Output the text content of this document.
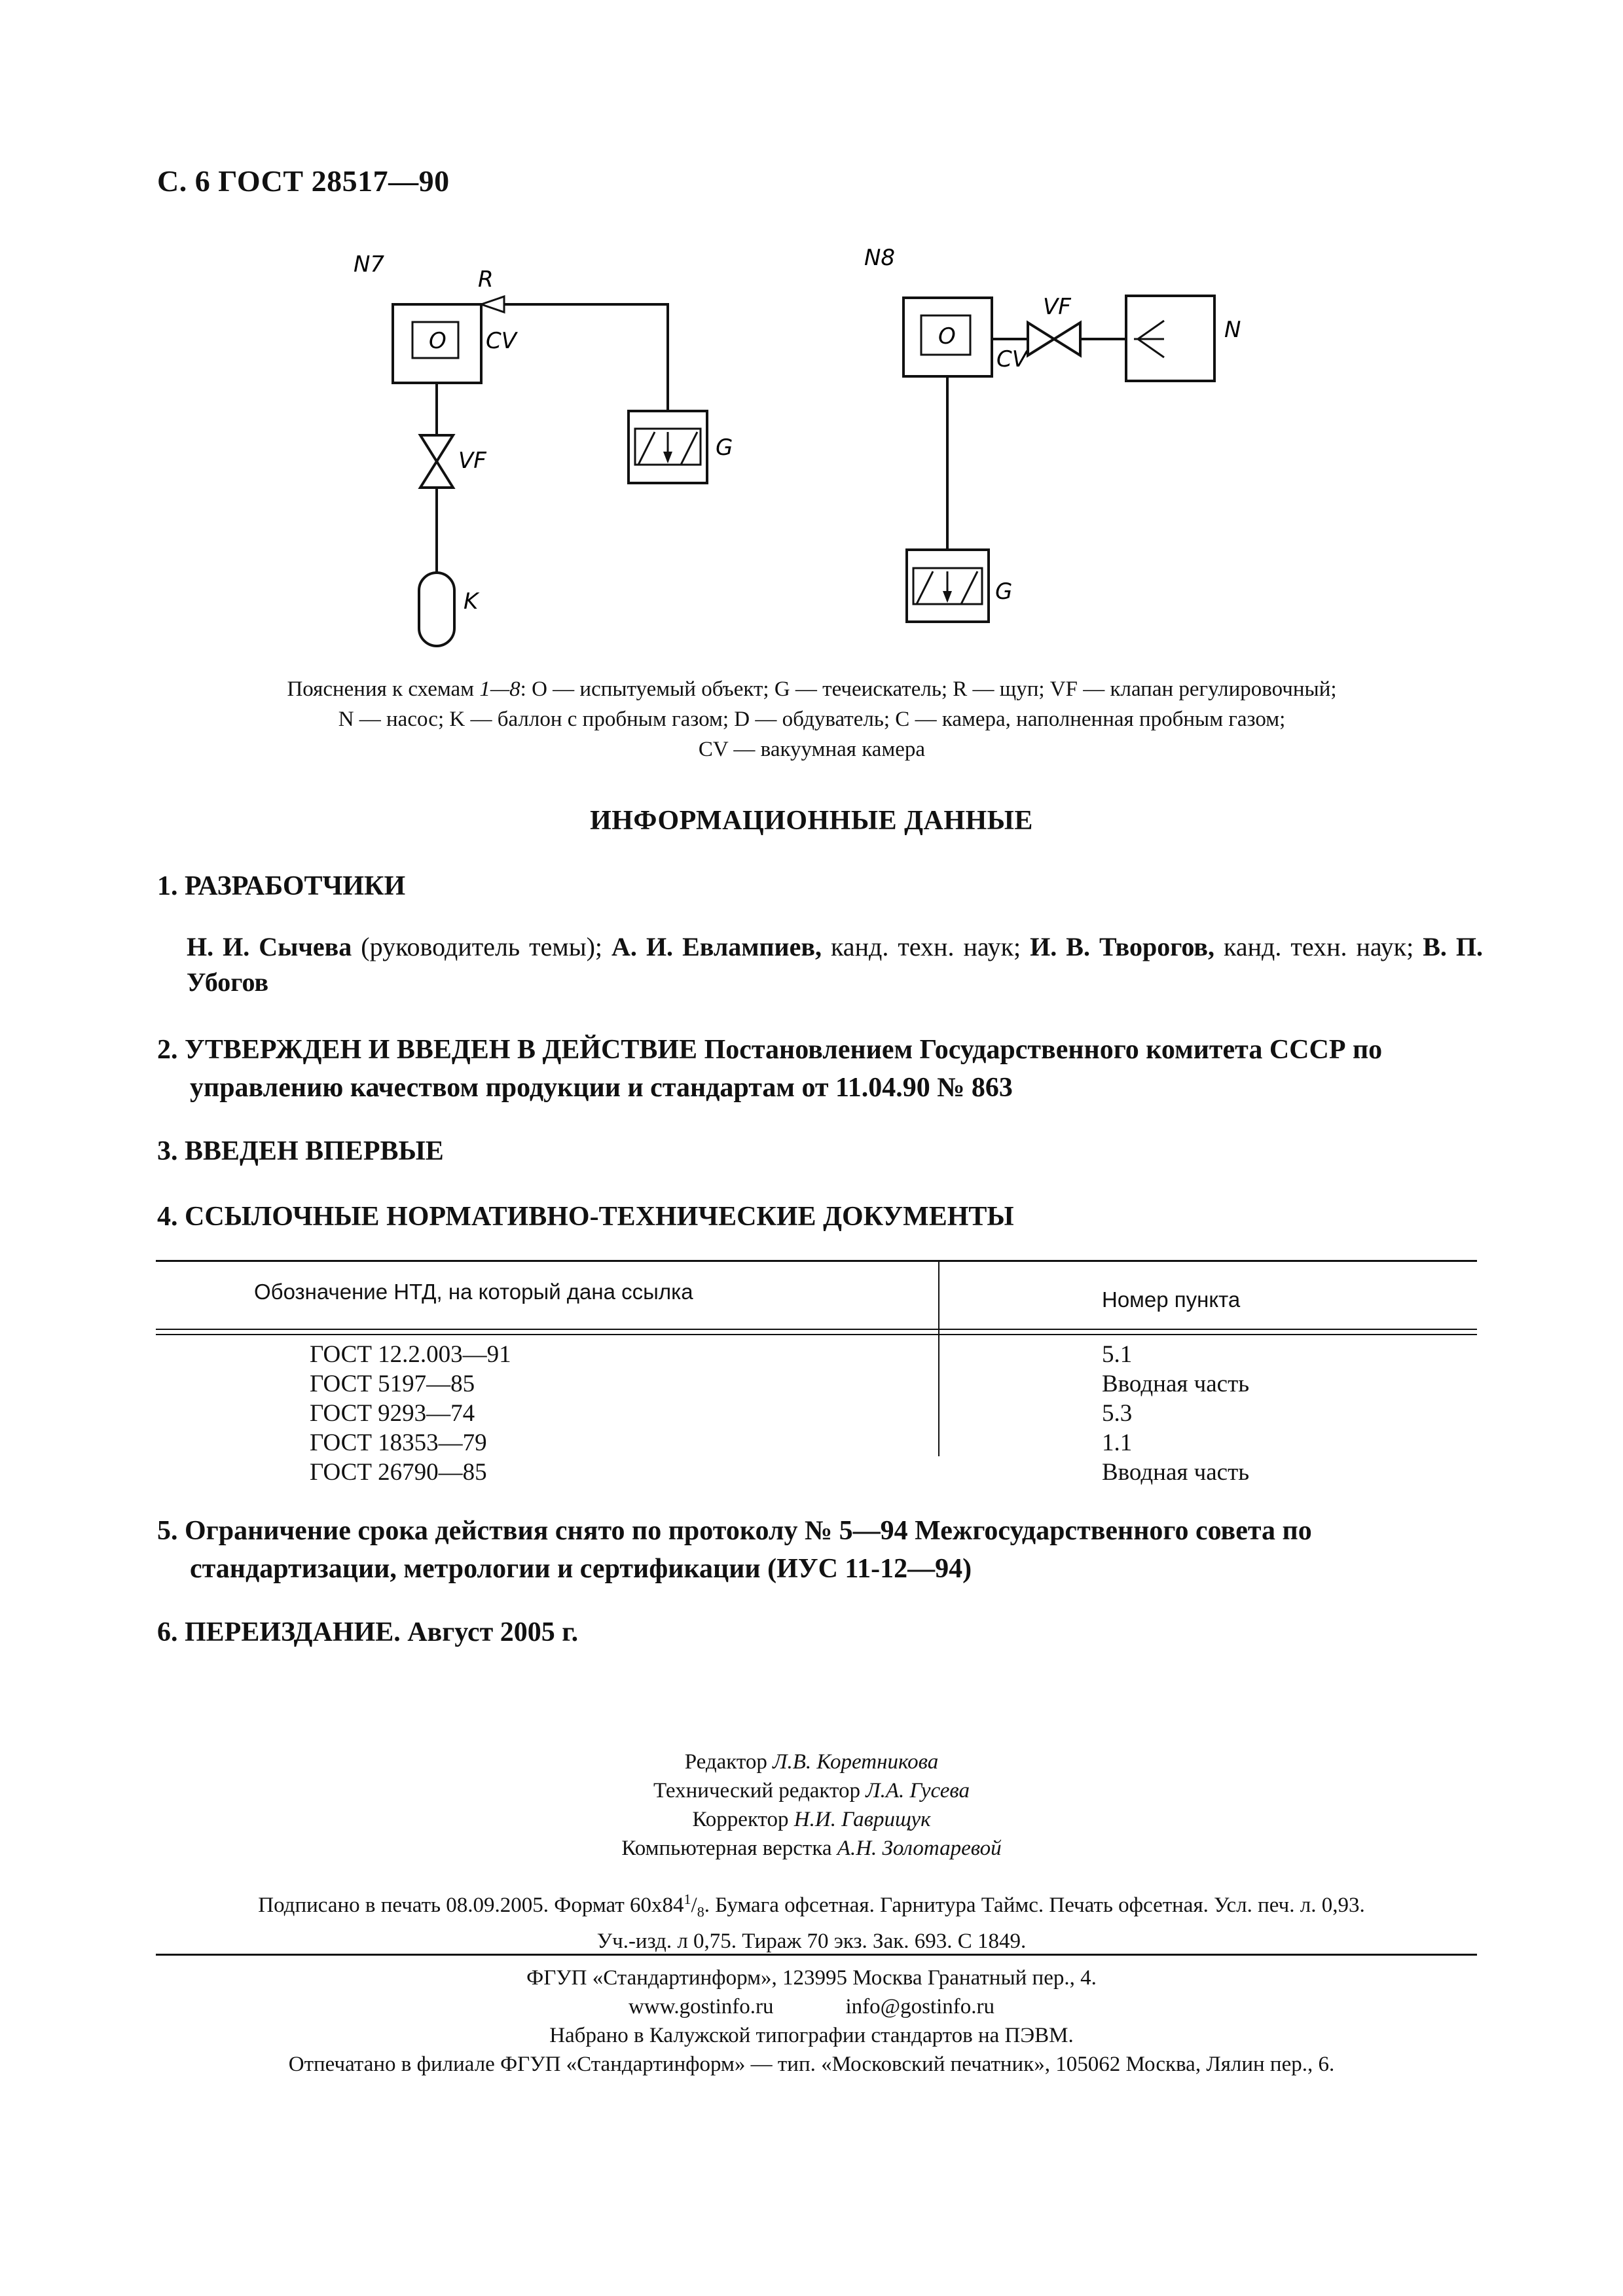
С. 6 ГОСТ 28517—90
N7
R
O CV
G
VF
K
N8
O
CV
VF
N
G
Пояснения к схемам 1—8: O — испытуемый объект; G — течеискатель; R — щуп; VF — клапан регулировочный;
N — насос; K — баллон с пробным газом; D — обдуватель; C — камера, наполненная пробным газом;
CV — вакуумная камера
ИНФОРМАЦИОННЫЕ ДАННЫЕ
1. РАЗРАБОТЧИКИ
Н. И. Сычева (руководитель темы); А. И. Евлампиев, канд. техн. наук; И. В. Творогов, канд. техн. наук; В. П. Убогов
2. УТВЕРЖДЕН И ВВЕДЕН В ДЕЙСТВИЕ Постановлением Государственного комитета СССР по управлению качеством продукции и стандартам от 11.04.90 № 863
3. ВВЕДЕН ВПЕРВЫЕ
4. ССЫЛОЧНЫЕ НОРМАТИВНО-ТЕХНИЧЕСКИЕ ДОКУМЕНТЫ
Обозначение НТД, на который дана ссылка	Номер пункта
ГОСТ 12.2.003—91	5.1
ГОСТ 5197—85	Вводная часть
ГОСТ 9293—74	5.3
ГОСТ 18353—79	1.1
ГОСТ 26790—85	Вводная часть
5. Ограничение срока действия снято по протоколу № 5—94 Межгосударственного совета по стандартизации, метрологии и сертификации (ИУС 11-12—94)
6. ПЕРЕИЗДАНИЕ. Август 2005 г.
Редактор Л.В. Коретникова
Технический редактор Л.А. Гусева
Корректор Н.И. Гаврищук
Компьютерная верстка А.Н. Золотаревой
Подписано в печать 08.09.2005. Формат $60х84^1/_8$. Бумага офсетная. Гарнитура Таймс. Печать офсетная. Усл. печ. л. 0,93.
Уч.-изд. л 0,75. Тираж 70 экз. Зак. 693. С 1849.
ФГУП «Стандартинформ», 123995 Москва Гранатный пер., 4.
www.gostinfo.ru	info@gostinfo.ru
Набрано в Калужской типографии стандартов на ПЭВМ.
Отпечатано в филиале ФГУП «Стандартинформ» — тип. «Московский печатник», 105062 Москва, Лялин пер., 6.
